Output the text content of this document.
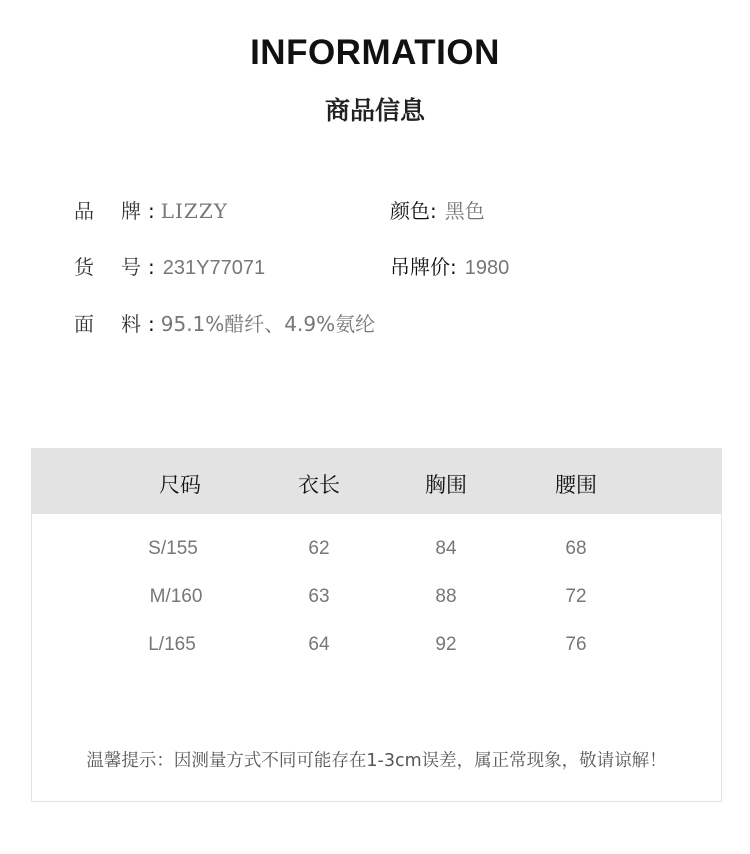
INFORMATION
商品信息
品 牌 : LIZZY	颜色: 黑色
货 号 : 231Y77071	吊牌价: 1980
面 料 : 95.1%醋纤、4.9%氨纶
尺码	衣长	胸围	腰围
S/155	62	84	68
M/160	63	88	72
L/165	64	92	76
温馨提示：因测量方式不同可能存在1-3cm误差，属正常现象，敬请谅解！
